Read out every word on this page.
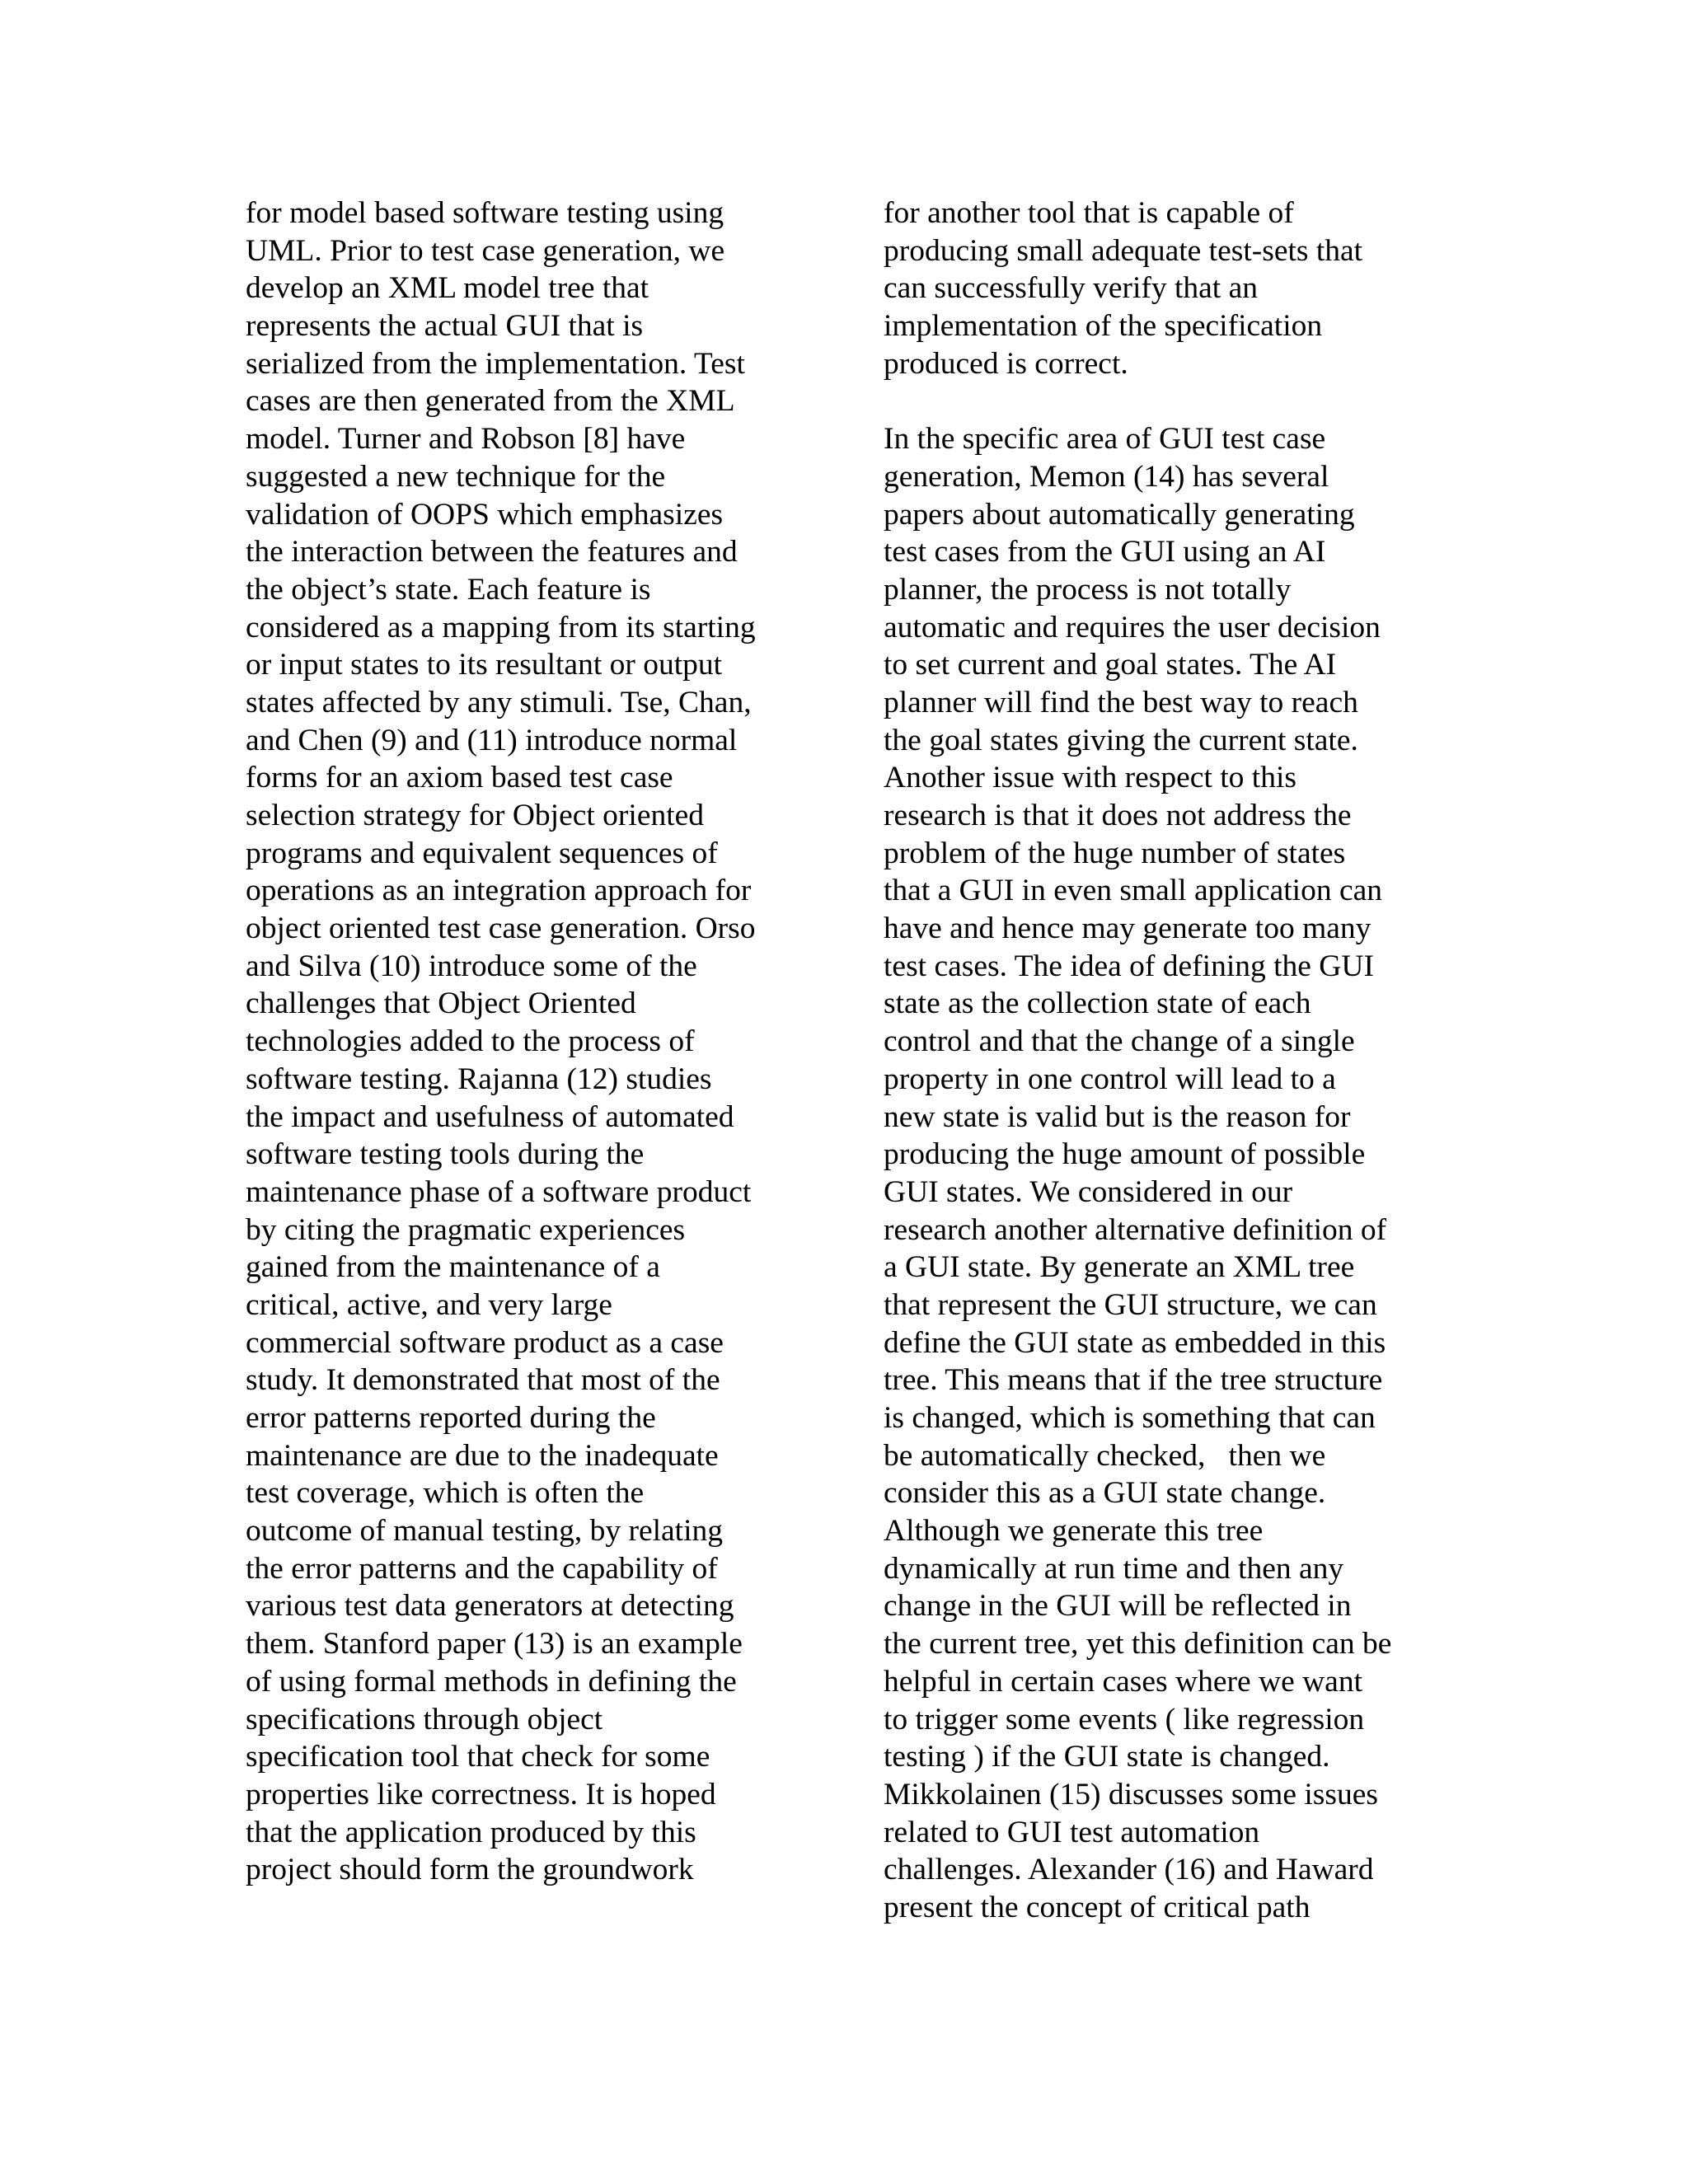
for model based software testing using
UML. Prior to test case generation, we
develop an XML model tree that
represents the actual GUI that is
serialized from the implementation. Test
cases are then generated from the XML
model. Turner and Robson [8] have
suggested a new technique for the
validation of OOPS which emphasizes
the interaction between the features and
the object’s state. Each feature is
considered as a mapping from its starting
or input states to its resultant or output
states affected by any stimuli. Tse, Chan,
and Chen (9) and (11) introduce normal
forms for an axiom based test case
selection strategy for Object oriented
programs and equivalent sequences of
operations as an integration approach for
object oriented test case generation. Orso
and Silva (10) introduce some of the
challenges that Object Oriented
technologies added to the process of
software testing. Rajanna (12) studies
the impact and usefulness of automated
software testing tools during the
maintenance phase of a software product
by citing the pragmatic experiences
gained from the maintenance of a
critical, active, and very large
commercial software product as a case
study. It demonstrated that most of the
error patterns reported during the
maintenance are due to the inadequate
test coverage, which is often the
outcome of manual testing, by relating
the error patterns and the capability of
various test data generators at detecting
them. Stanford paper (13) is an example
of using formal methods in defining the
specifications through object
specification tool that check for some
properties like correctness. It is hoped
that the application produced by this
project should form the groundwork
for another tool that is capable of
producing small adequate test-sets that
can successfully verify that an
implementation of the specification
produced is correct.
In the specific area of GUI test case
generation, Memon (14) has several
papers about automatically generating
test cases from the GUI using an AI
planner, the process is not totally
automatic and requires the user decision
to set current and goal states. The AI
planner will find the best way to reach
the goal states giving the current state.
Another issue with respect to this
research is that it does not address the
problem of the huge number of states
that a GUI in even small application can
have and hence may generate too many
test cases. The idea of defining the GUI
state as the collection state of each
control and that the change of a single
property in one control will lead to a
new state is valid but is the reason for
producing the huge amount of possible
GUI states. We considered in our
research another alternative definition of
a GUI state. By generate an XML tree
that represent the GUI structure, we can
define the GUI state as embedded in this
tree. This means that if the tree structure
is changed, which is something that can
be automatically checked,   then we
consider this as a GUI state change.
Although we generate this tree
dynamically at run time and then any
change in the GUI will be reflected in
the current tree, yet this definition can be
helpful in certain cases where we want
to trigger some events ( like regression
testing ) if the GUI state is changed.
Mikkolainen (15) discusses some issues
related to GUI test automation
challenges. Alexander (16) and Haward
present the concept of critical path
